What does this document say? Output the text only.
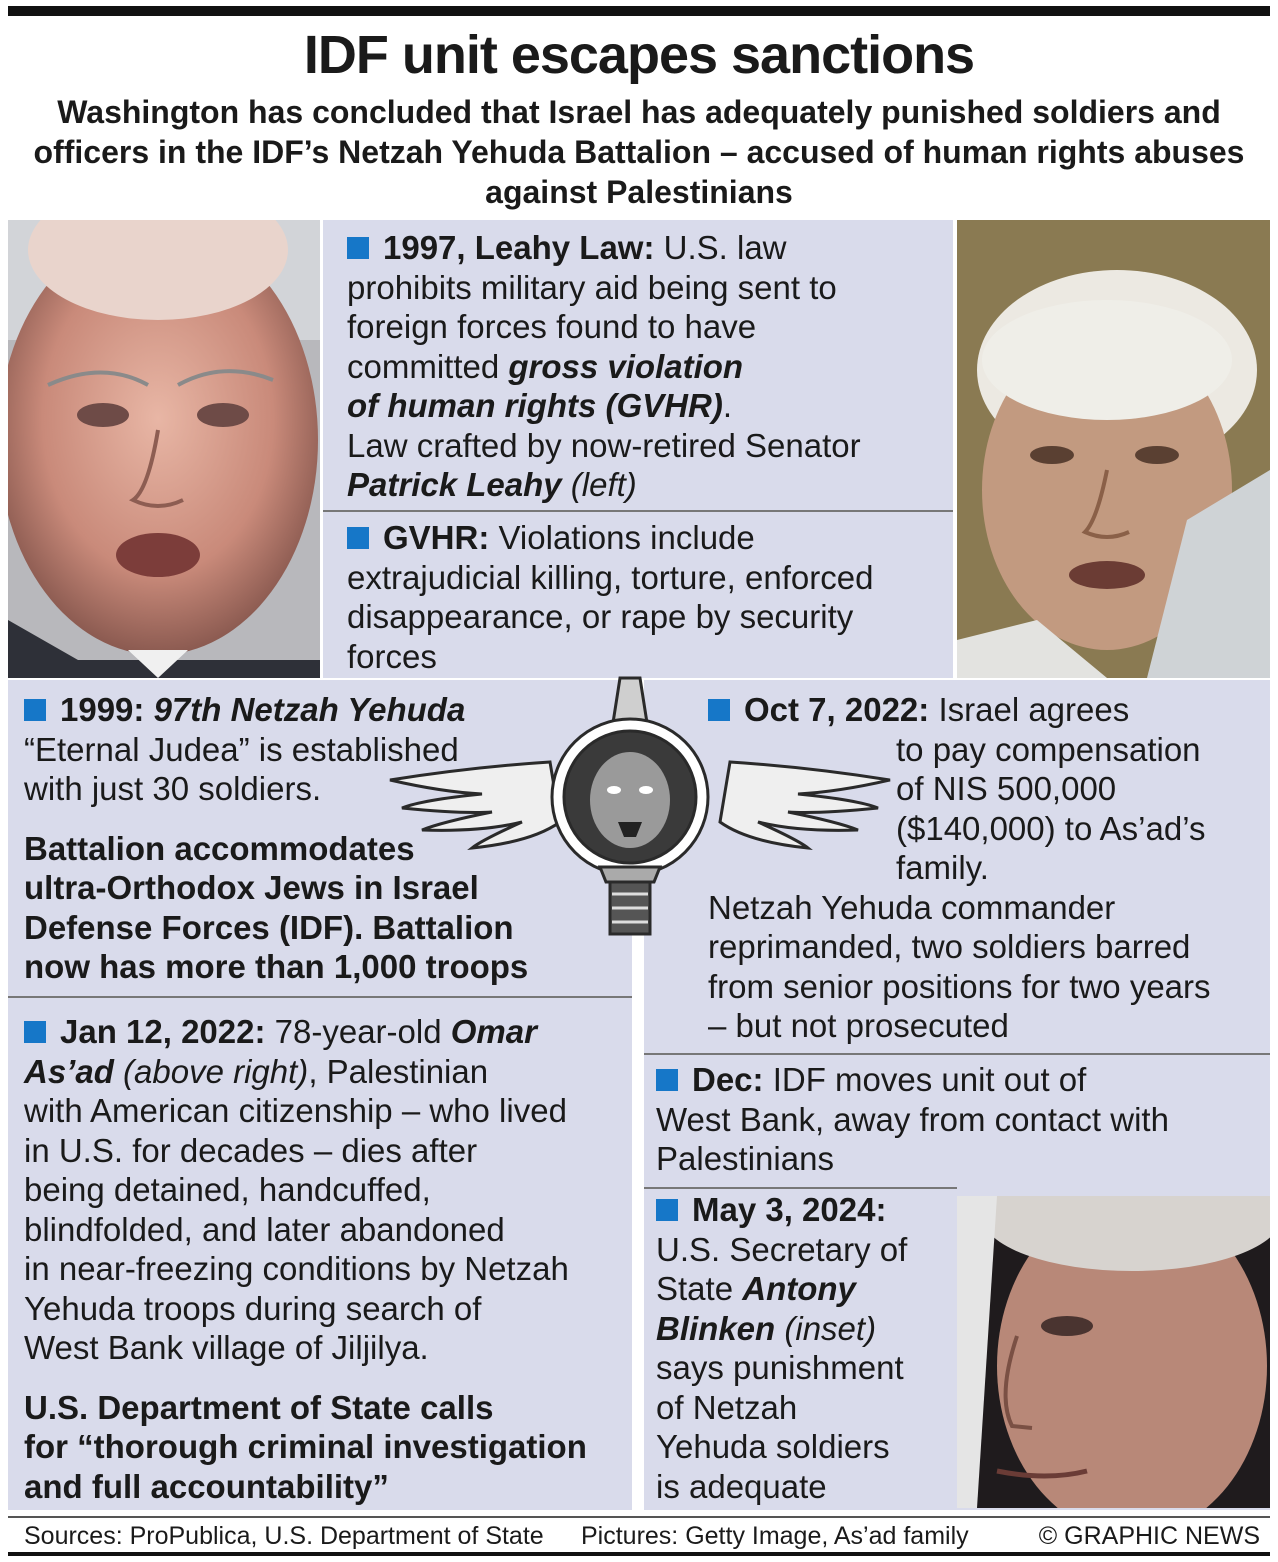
IDF unit escapes sanctions
Washington has concluded that Israel has adequately punished soldiers and officers in the IDF’s Netzah Yehuda Battalion – accused of human rights abuses against Palestinians
1997, Leahy Law: U.S. law
prohibits military aid being sent to
foreign forces found to have
committed gross violation
of human rights (GVHR).
Law crafted by now-retired Senator
Patrick Leahy (left)
GVHR: Violations include
extrajudicial killing, torture, enforced
disappearance, or rape by security
forces
1999: 97th Netzah Yehuda
“Eternal Judea” is established
with just 30 soldiers.
Battalion accommodates
ultra-Orthodox Jews in Israel
Defense Forces (IDF). Battalion
now has more than 1,000 troops
Oct 7, 2022: Israel agrees
to pay compensation
of NIS 500,000
($140,000) to As’ad’s
family.
Netzah Yehuda commander
reprimanded, two soldiers barred
from senior positions for two years
– but not prosecuted
Jan 12, 2022: 78-year-old Omar
As’ad (above right), Palestinian
with American citizenship – who lived
in U.S. for decades – dies after
being detained, handcuffed,
blindfolded, and later abandoned
in near-freezing conditions by Netzah
Yehuda troops during search of
West Bank village of Jiljilya.
U.S. Department of State calls
for “thorough criminal investigation
and full accountability”
Dec: IDF moves unit out of
West Bank, away from contact with
Palestinians
May 3, 2024:
U.S. Secretary of
State Antony
Blinken (inset)
says punishment
of Netzah
Yehuda soldiers
is adequate
Sources: ProPublica, U.S. Department of State Pictures: Getty Image, As’ad family	© GRAPHIC NEWS
